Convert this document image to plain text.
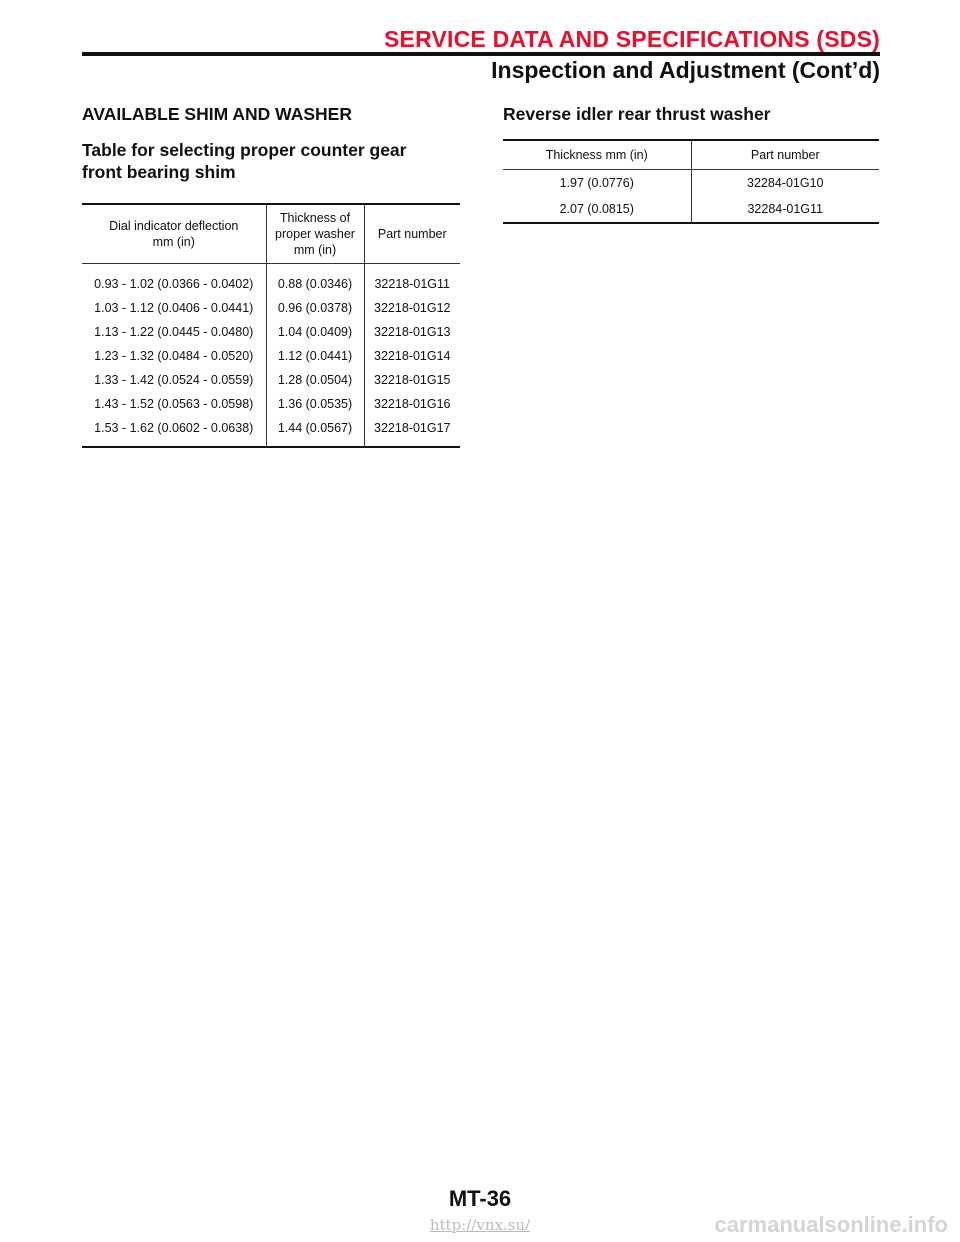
SERVICE DATA AND SPECIFICATIONS (SDS)
Inspection and Adjustment (Cont’d)

AVAILABLE SHIM AND WASHER

Table for selecting proper counter gear
front bearing shim

Dial indicator deflection
mm (in)	Thickness of
proper washer
mm (in)	Part number
0.93 - 1.02 (0.0366 - 0.0402)	0.88 (0.0346)	32218-01G11
1.03 - 1.12 (0.0406 - 0.0441)	0.96 (0.0378)	32218-01G12
1.13 - 1.22 (0.0445 - 0.0480)	1.04 (0.0409)	32218-01G13
1.23 - 1.32 (0.0484 - 0.0520)	1.12 (0.0441)	32218-01G14
1.33 - 1.42 (0.0524 - 0.0559)	1.28 (0.0504)	32218-01G15
1.43 - 1.52 (0.0563 - 0.0598)	1.36 (0.0535)	32218-01G16
1.53 - 1.62 (0.0602 - 0.0638)	1.44 (0.0567)	32218-01G17

Reverse idler rear thrust washer

Thickness mm (in)	Part number
1.97 (0.0776)	32284-01G10
2.07 (0.0815)	32284-01G11
MT-36
http://vnx.su/	carmanualsonline.info
